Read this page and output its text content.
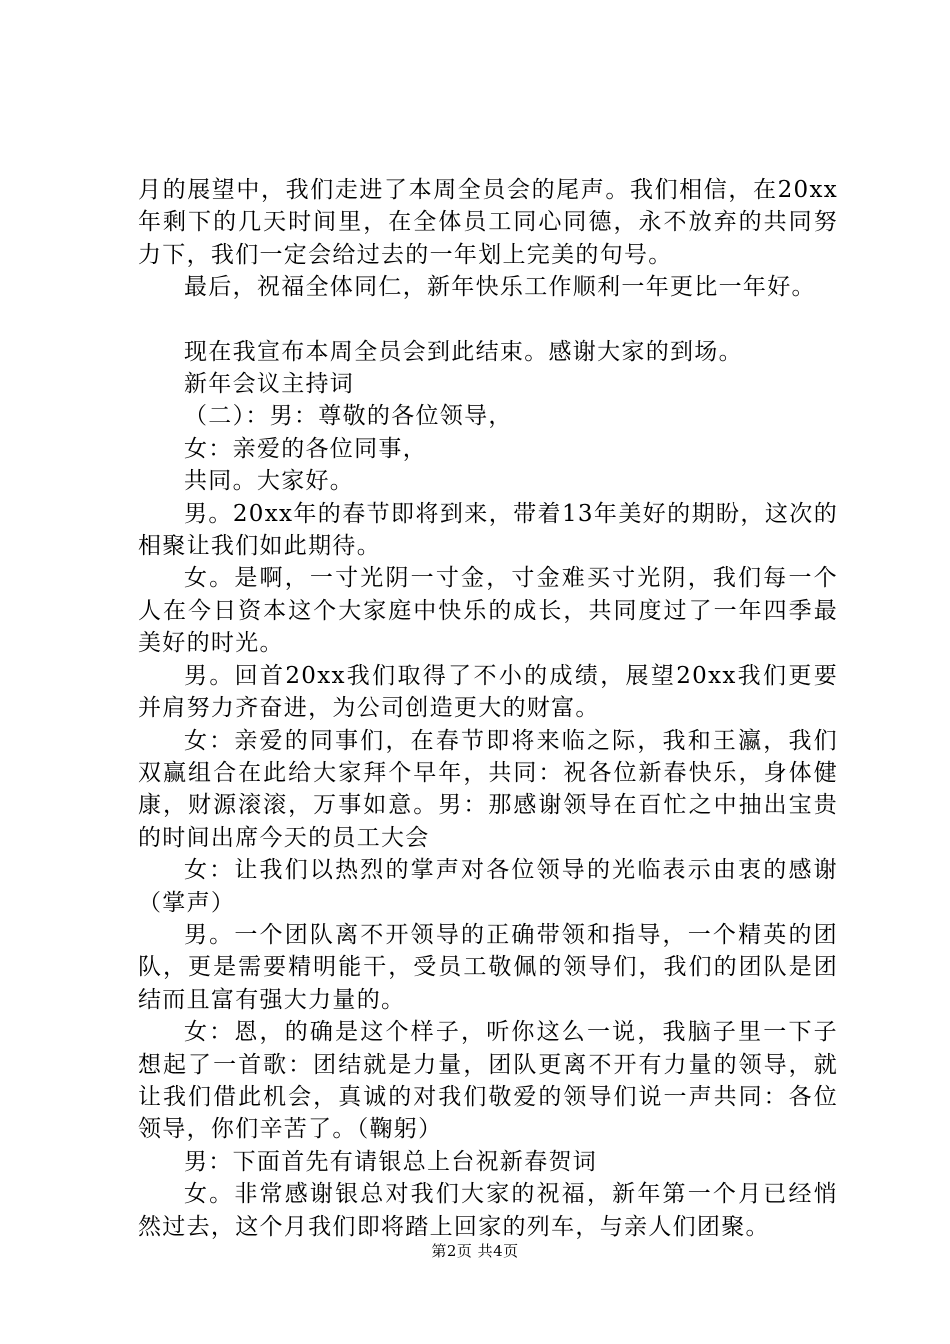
月的展望中，我们走进了本周全员会的尾声。我们相信，在20xx年剩下的几天时间里，在全体员工同心同德，永不放弃的共同努力下，我们一定会给过去的一年划上完美的句号。

最后，祝福全体同仁，新年快乐工作顺利一年更比一年好。

现在我宣布本周全员会到此结束。感谢大家的到场。

新年会议主持词

（二）：男：尊敬的各位领导，

女：亲爱的各位同事，

共同。大家好。

男。20xx年的春节即将到来，带着13年美好的期盼，这次的相聚让我们如此期待。

女。是啊，一寸光阴一寸金，寸金难买寸光阴，我们每一个人在今日资本这个大家庭中快乐的成长，共同度过了一年四季最美好的时光。

男。回首20xx我们取得了不小的成绩，展望20xx我们更要并肩努力齐奋进，为公司创造更大的财富。

女：亲爱的同事们，在春节即将来临之际，我和王瀛，我们双赢组合在此给大家拜个早年，共同：祝各位新春快乐，身体健康，财源滚滚，万事如意。男：那感谢领导在百忙之中抽出宝贵的时间出席今天的员工大会

女：让我们以热烈的掌声对各位领导的光临表示由衷的感谢（掌声）

男。一个团队离不开领导的正确带领和指导，一个精英的团队，更是需要精明能干，受员工敬佩的领导们，我们的团队是团结而且富有强大力量的。

女：恩，的确是这个样子，听你这么一说，我脑子里一下子想起了一首歌：团结就是力量，团队更离不开有力量的领导，就让我们借此机会，真诚的对我们敬爱的领导们说一声共同：各位领导，你们辛苦了。（鞠躬）

男：下面首先有请银总上台祝新春贺词

女。非常感谢银总对我们大家的祝福，新年第一个月已经悄然过去，这个月我们即将踏上回家的列车，与亲人们团聚。

第2页 共4页
